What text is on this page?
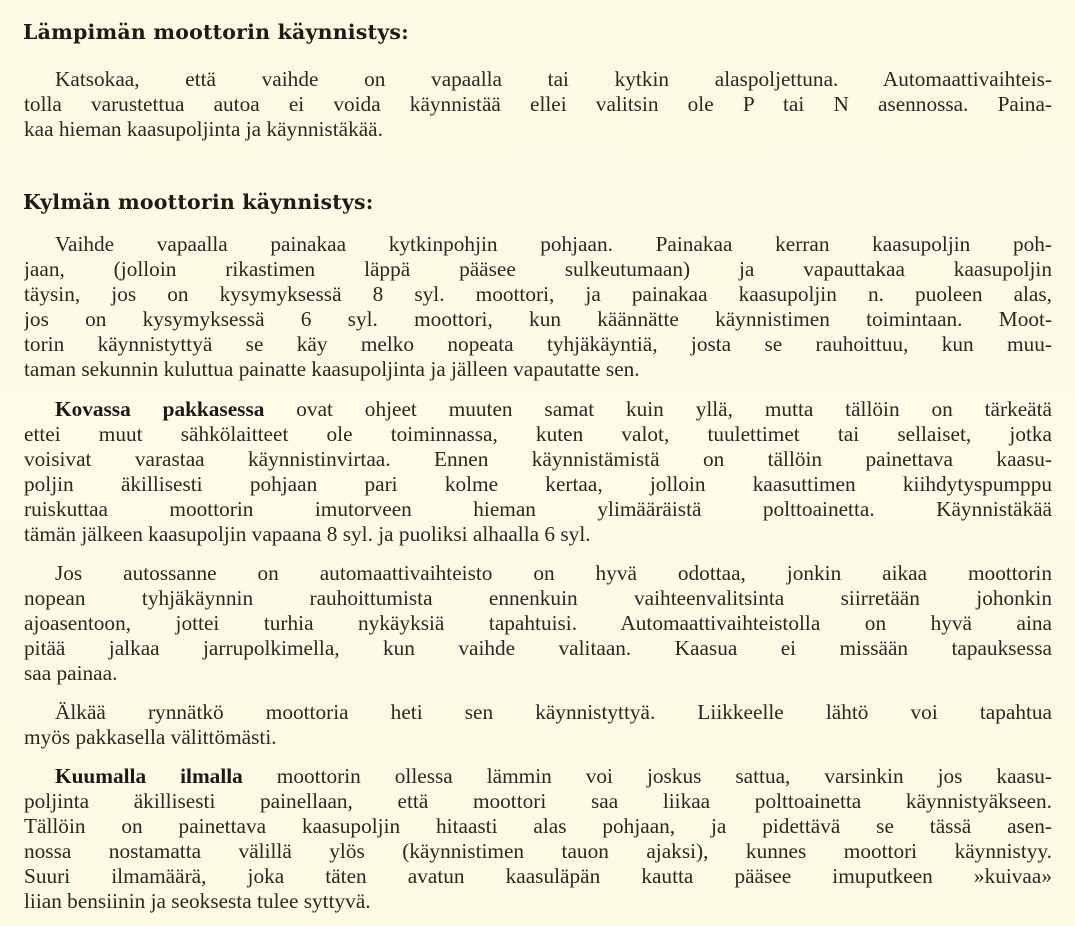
Lämpimän moottorin käynnistys:
Katsokaa, että vaihde on vapaalla tai kytkin alaspoljettuna. Automaattivaihteis-
tolla varustettua autoa ei voida käynnistää ellei valitsin ole P tai N asennossa. Paina-
kaa hieman kaasupoljinta ja käynnistäkää.
Kylmän moottorin käynnistys:
Vaihde vapaalla painakaa kytkinpohjin pohjaan. Painakaa kerran kaasupoljin poh-
jaan, (jolloin rikastimen läppä pääsee sulkeutumaan) ja vapauttakaa kaasupoljin
täysin, jos on kysymyksessä 8 syl. moottori, ja painakaa kaasupoljin n. puoleen alas,
jos on kysymyksessä 6 syl. moottori, kun käännätte käynnistimen toimintaan. Moot-
torin käynnistyttyä se käy melko nopeata tyhjäkäyntiä, josta se rauhoittuu, kun muu-
taman sekunnin kuluttua painatte kaasupoljinta ja jälleen vapautatte sen.
Kovassa pakkasessa ovat ohjeet muuten samat kuin yllä, mutta tällöin on tärkeätä
ettei muut sähkölaitteet ole toiminnassa, kuten valot, tuulettimet tai sellaiset, jotka
voisivat varastaa käynnistinvirtaa. Ennen käynnistämistä on tällöin painettava kaasu-
poljin äkillisesti pohjaan pari kolme kertaa, jolloin kaasuttimen kiihdytyspumppu
ruiskuttaa moottorin imutorveen hieman ylimääräistä polttoainetta. Käynnistäkää
tämän jälkeen kaasupoljin vapaana 8 syl. ja puoliksi alhaalla 6 syl.
Jos autossanne on automaattivaihteisto on hyvä odottaa, jonkin aikaa moottorin
nopean tyhjäkäynnin rauhoittumista ennenkuin vaihteenvalitsinta siirretään johonkin
ajoasentoon, jottei turhia nykäyksiä tapahtuisi. Automaattivaihteistolla on hyvä aina
pitää jalkaa jarrupolkimella, kun vaihde valitaan. Kaasua ei missään tapauksessa
saa painaa.
Älkää rynnätkö moottoria heti sen käynnistyttyä. Liikkeelle lähtö voi tapahtua
myös pakkasella välittömästi.
Kuumalla ilmalla moottorin ollessa lämmin voi joskus sattua, varsinkin jos kaasu-
poljinta äkillisesti painellaan, että moottori saa liikaa polttoainetta käynnistyäkseen.
Tällöin on painettava kaasupoljin hitaasti alas pohjaan, ja pidettävä se tässä asen-
nossa nostamatta välillä ylös (käynnistimen tauon ajaksi), kunnes moottori käynnistyy.
Suuri ilmamäärä, joka täten avatun kaasuläpän kautta pääsee imuputkeen »kuivaa»
liian bensiinin ja seoksesta tulee syttyvä.
